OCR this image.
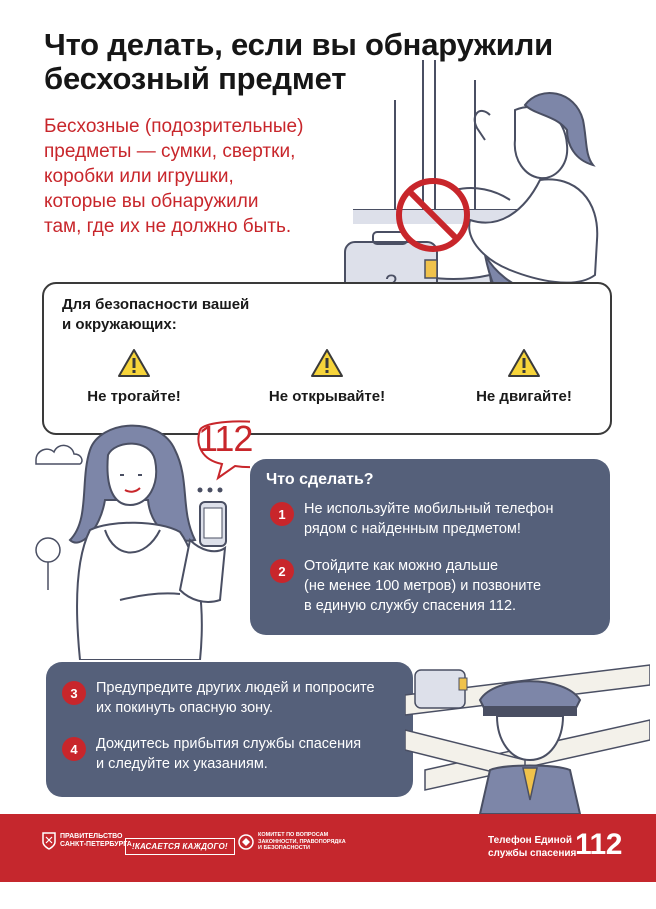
Что делать, если вы обнаружили
бесхозный предмет
Бесхозные (подозрительные)
предметы — сумки, свертки,
коробки или игрушки,
которые вы обнаружили
там, где их не должно быть.
Для безопасности вашей
и окружающих:
Не трогайте!	Не открывайте!	Не двигайте!
112
Что сделать?
1	Не используйте мобильный телефон
рядом с найденным предметом!
2	Отойдите как можно дальше
(не менее 100 метров) и позвоните
в единую службу спасения 112.
3	Предупредите других людей и попросите
их покинуть опасную зону.
4	Дождитесь прибытия службы спасения
и следуйте их указаниям.
ПРАВИТЕЛЬСТВО
САНКТ-ПЕТЕРБУРГА !КАСАЕТСЯ КАЖДОГО!
КОМИТЕТ ПО ВОПРОСАМ
ЗАКОННОСТИ, ПРАВОПОРЯДКА
И БЕЗОПАСНОСТИ
Телефон Единой
службы спасения
112
